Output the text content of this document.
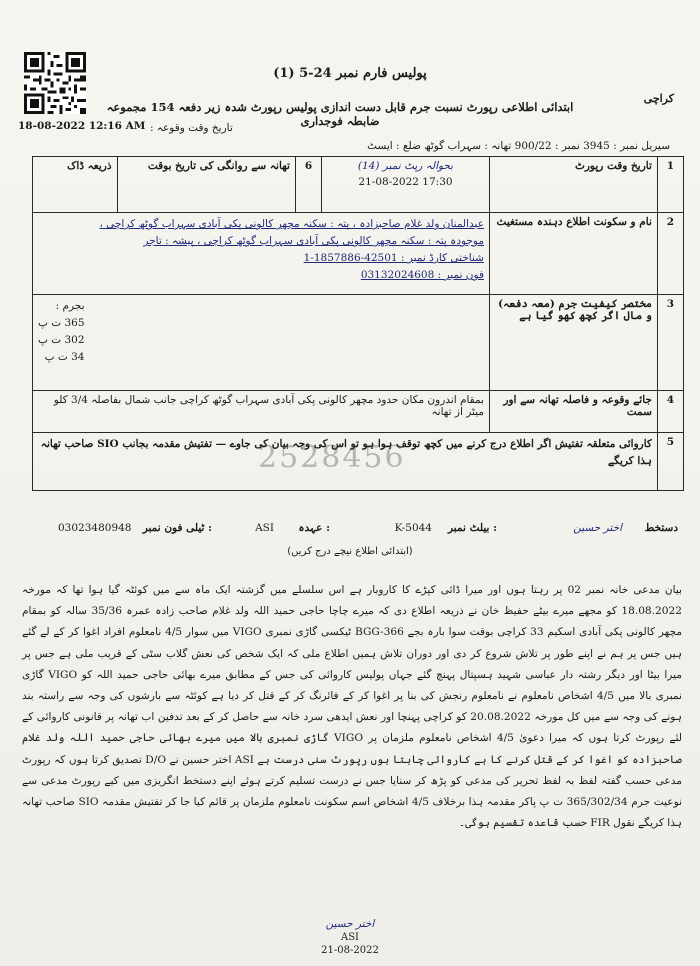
پولیس فارم نمبر 24-5 (1)
ابتدائی اطلاعی رپورٹ نسبت جرم قابل دست اندازی پولیس رپورٹ شدہ زیر دفعہ 154 مجموعہ ضابطہ فوجداری
کراچی
18-08-2022 12:16 AM تاریخ وقت وقوعہ :
سیریل نمبر : 3945 نمبر : 900/22 تھانہ : سہراب گوٹھ ضلع : ایسٹ
1	تاریخ وقت رپورٹ	بحوالہ رپٹ نمبر (14)
21-08-2022 17:30	6	تھانہ سے روانگی کی تاریخ بوقت	ذریعہ ڈاک
2	نام و سکونت اطلاع دہندہ مستغیث	عبدالمنان ولد غلام صاحبزادہ ، پتہ : سکنہ مچھر کالونی پکی آبادی سہراب گوٹھ کراچی ،
موجودہ پتہ : سکنہ مچھر کالونی پکی آبادی سہراب گوٹھ کراچی ، پیشہ : تاجر
شناختی کارڈ نمبر : 42501-1857886-1
03132024608 : فون نمبر			

3	مختصر کیفیت جرم (معہ دفعہ) و مال اگر کچھ کھو گیا ہے	بجرم :
365 ت پ
302 ت پ
34 ت پ			

4	جائے وقوعہ و فاصلہ تھانہ سے اور سمت	بمقام اندرون مکان حدود مچھر کالونی پکی آبادی سہراب گوٹھ کراچی جانب شمال بفاصلہ 3/4 کلو میٹر از تھانہ			
5	کاروائی متعلقہ تفتیش اگر اطلاع درج کرنے میں کچھ توقف ہوا ہو تو اس کی وجہ بیان کی جاوے — تفتیش مقدمہ بجانب SIO صاحب تھانہ ہذا کریگے				
2528456
دستخط
اختر حسین
بیلٹ نمبر :
K-5044
عہدہ :
ASI
ٹیلی فون نمبر :
03023480948
(ابتدائی اطلاع نیچے درج کریں)
بیان مدعی خانہ نمبر 02 پر رہتا ہوں اور میرا ڈائی کپڑے کا کاروبار ہے اس سلسلے میں گزشتہ ایک ماہ سے میں کوئٹہ گیا ہوا تھا کہ مورخہ 18.08.2022 کو مجھے میرے بیٹے حفیظ خان نے ذریعہ اطلاع دی کہ میرے چاچا حاجی حمید اللہ ولد غلام صاحب زادہ عمرہ 35/36 سالہ کو بمقام مچھر کالونی پکی آبادی اسکیم 33 کراچی بوقت سوا بارہ بجے BGG-366 ٹیکسی گاڑی نمبری VIGO میں سوار 4/5 نامعلوم افراد اغوا کر کے لے گئے ہیں جس پر ہم نے اپنے طور پر تلاش شروع کر دی اور دوران تلاش ہمیں اطلاع ملی کہ ایک شخص کی نعش گلاب سٹی کے قریب ملی ہے جس پر میرا بیٹا اور دیگر رشتہ دار عباسی شہید ہسپتال پہنچ گئے جہاں پولیس کاروائی کی جس کے مطابق میرے بھائی حاجی حمید اللہ کو VIGO گاڑی نمبری بالا میں 4/5 اشخاص نامعلوم نے نامعلوم رنجش کی بنا پر اغوا کر کے فائرنگ کر کے قتل کر دیا ہے کوئٹہ سے بارشوں کی وجہ سے راستہ بند ہونے کی وجہ سے میں کل مورخہ 20.08.2022 کو کراچی پہنچا اور نعش ایدھی سرد خانہ سے حاصل کر کے بعد تدفین اب تھانہ پر قانونی کاروائی کے لئے رپورٹ کرتا ہوں کہ میرا دعویٰ 4/5 اشخاص نامعلوم ملزمان پر VIGO گاڑی نمبری بالا میں میرے بھائی حاجی حمید اللہ ولد غلام صاحبزادہ کو اغوا کر کے قتل کرنے کا ہے کاروائی چاہتا ہوں رپورٹ سنی درست ہے ASI اختر حسین نے D/O تصدیق کرتا ہوں کہ رپورٹ مدعی حسب گفتہ لفظ بہ لفظ تحریر کی مدعی کو پڑھ کر سنایا جس نے درست تسلیم کرتے ہوئے اپنے دستخط انگریزی میں کیے رپورٹ مدعی سے نوعیت جرم 365/302/34 ت پ پاکر مقدمہ ہذا برخلاف 4/5 اشخاص اسم سکونت نامعلوم ملزمان پر قائم کیا جا کر تفتیش مقدمہ SIO صاحب تھانہ ہذا کریگے نقول FIR حسب قاعدہ تقسیم ہوگی۔
اختر حسین
ASI
21-08-2022
